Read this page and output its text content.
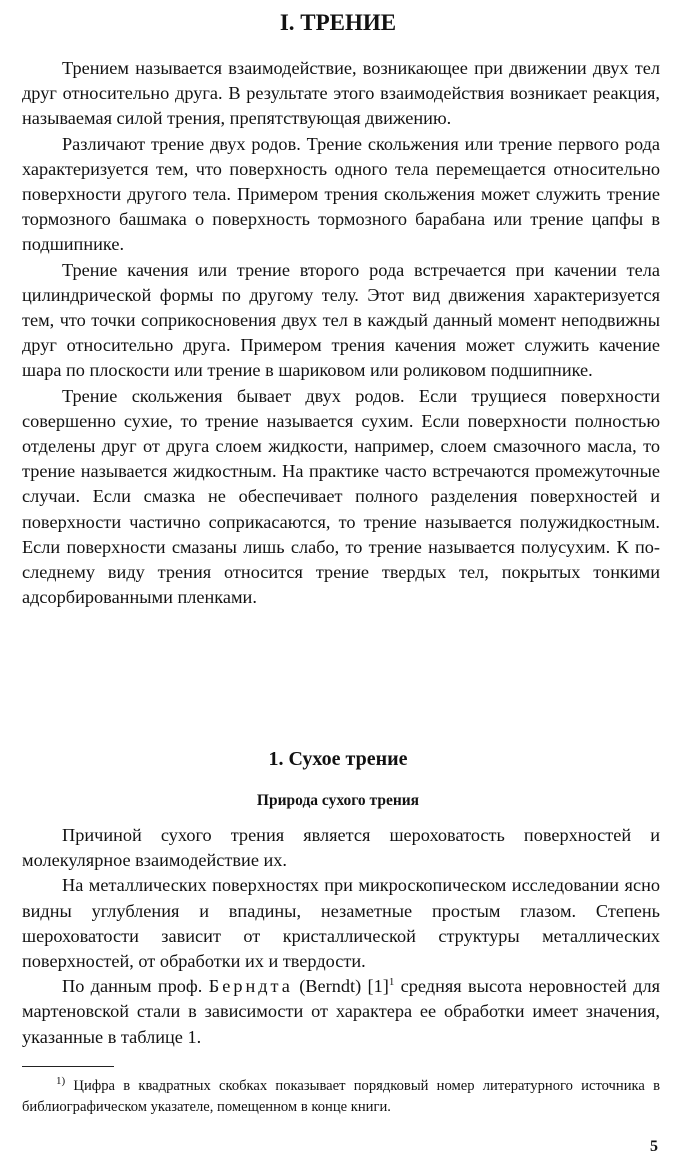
I. ТРЕНИЕ

Трением называется взаимодействие, возникающее при движении двух тел друг относительно друга. В результате этого взаимодействия возникает реакция, называемая силой трения, препятствующая движению.

Различают трение двух родов. Трение скольжения или трение первого рода характеризуется тем, что поверхность одного тела перемещается относительно поверхности другого тела. Примером трения скольжения может служить трение тормозного башмака о поверхность тормозного барабана или трение цапфы в подшипнике.

Трение качения или трение второго рода встречается при качении тела цилиндрической формы по другому телу. Этот вид движения характеризуется тем, что точки соприкосновения двух тел в каждый данный момент неподвижны друг относительно друга. Примером трения качения может служить качение шара по плоскости или трение в шариковом или роликовом подшипнике.

Трение скольжения бывает двух родов. Если трущиеся поверхности совершенно сухие, то трение называется сухим. Если поверхности полностью отделены друг от друга слоем жидкости, например, слоем смазочного масла, то трение называется жидкостным. На практике часто встречаются промежуточные случаи. Если смазка не обеспечивает полного разделения поверхностей и поверхности частично соприкасаются, то трение называется полужидкостным. Если поверхности смазаны лишь слабо, то трение называется полусухим. К последнему виду трения относится трение твердых тел, покрытых тонкими адсорбированными пленками.

1. Сухое трение
Природа сухого трения

Причиной сухого трения является шероховатость поверхностей и молекулярное взаимодействие их.

На металлических поверхностях при микроскопическом исследовании ясно видны углубления и впадины, незаметные простым глазом. Степень шероховатости зависит от кристаллической структуры металлических поверхностей, от обработки их и твердости.

По данным проф. Берндта (Berndt) $[1]^1$ средняя высота неровностей для мартеновской стали в зависимости от характера ее обработки имеет значения, указанные в таблице 1.

$^{1)}$ Цифра в квадратных скобках показывает порядковый номер литературного источника в библиографическом указателе, помещенном в конце книги.

5
